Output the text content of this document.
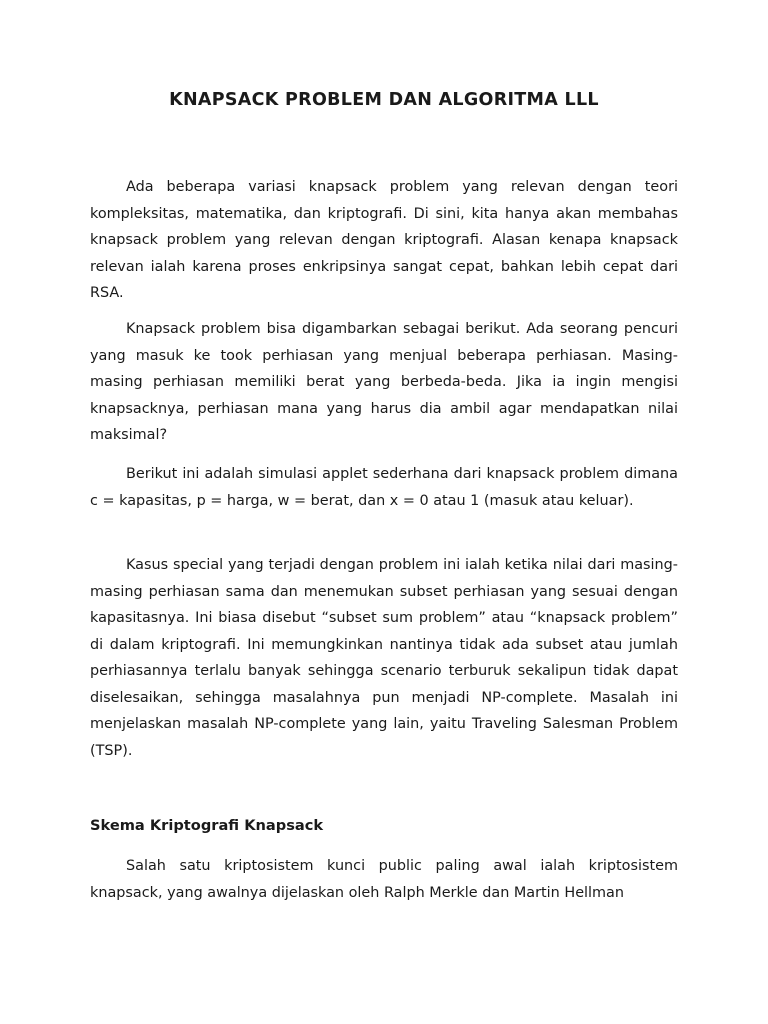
KNAPSACK PROBLEM DAN ALGORITMA LLL

Ada beberapa variasi knapsack problem yang relevan dengan teori kompleksitas, matematika, dan kriptografi. Di sini, kita hanya akan membahas knapsack problem yang relevan dengan kriptografi. Alasan kenapa knapsack relevan ialah karena proses enkripsinya sangat cepat, bahkan lebih cepat dari RSA.

Knapsack problem bisa digambarkan sebagai berikut. Ada seorang pencuri yang masuk ke took perhiasan yang menjual beberapa perhiasan. Masing-masing perhiasan memiliki berat yang berbeda-beda. Jika ia ingin mengisi knapsacknya, perhiasan mana yang harus dia ambil agar mendapatkan nilai maksimal?

Berikut ini adalah simulasi applet sederhana dari knapsack problem dimana c = kapasitas, p = harga, w = berat, dan x = 0 atau 1 (masuk atau keluar).

Kasus special yang terjadi dengan problem ini ialah ketika nilai dari masing-masing perhiasan sama dan menemukan subset perhiasan yang sesuai dengan kapasitasnya. Ini biasa disebut “subset sum problem” atau “knapsack problem” di dalam kriptografi. Ini memungkinkan nantinya tidak ada subset atau jumlah perhiasannya terlalu banyak sehingga scenario terburuk sekalipun tidak dapat diselesaikan, sehingga masalahnya pun menjadi NP-complete. Masalah ini menjelaskan masalah NP-complete yang lain, yaitu Traveling Salesman Problem (TSP).

Skema Kriptografi Knapsack

Salah satu kriptosistem kunci public paling awal ialah kriptosistem knapsack, yang awalnya dijelaskan oleh Ralph Merkle dan Martin Hellman
